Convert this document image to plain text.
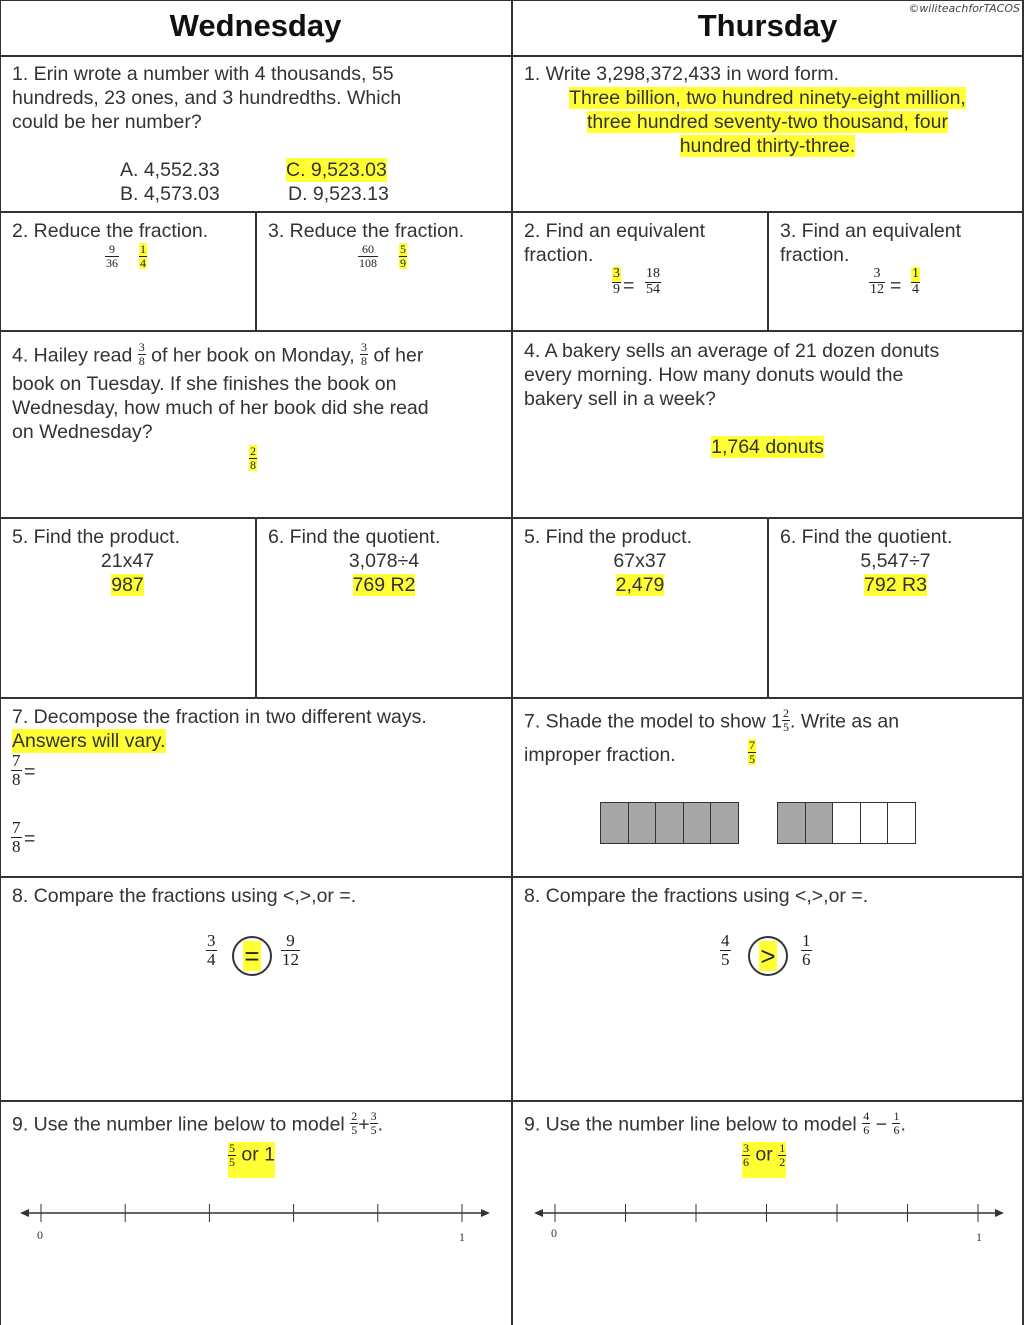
©wiliteachforTACOS
Wednesday	Thursday
1. Erin wrote a number with 4 thousands, 55
hundreds, 23 ones, and 3 hundredths. Which
could be her number?
A. 4,552.33
B. 4,573.03
C. 9,523.03
D. 9,523.13
2. Reduce the fraction.
9
36
1
4
3. Reduce the fraction.
60
108
5
9
4. Hailey read $\frac{3}{8}$ of her book on Monday, $\frac{3}{8}$ of her
book on Tuesday. If she finishes the book on
Wednesday, how much of her book did she read
on Wednesday?
2
8
5. Find the product.
21x47
987
6. Find the quotient.
3,078÷4
769 R2
7. Decompose the fraction in two different ways.
Answers will vary.
7
8 =
7
8 =
8. Compare the fractions using <,>,or =.
3
4 =
9
12
9. Use the number line below to model $\frac{2}{5} + \frac{3}{5}$ .
$\frac{5}{5}$ or 1
0	1
1. Write 3,298,372,433 in word form.
Three billion, two hundred ninety-eight million,
three hundred seventy-two thousand, four
hundred thirty-three.
2. Find an equivalent
fraction.
3
9 =
18
54
3. Find an equivalent
fraction.
3
12 =
1
4
4. A bakery sells an average of 21 dozen donuts
every morning. How many donuts would the
bakery sell in a week?
1,764 donuts
5. Find the product.
67x37
2,479
6. Find the quotient.
5,547÷7
792 R3
7. Shade the model to show $1 \frac{2}{5}$ . Write as an
improper fraction.	7
5
8. Compare the fractions using <,>,or =.
4
5 >
1
6
9. Use the number line below to model $\frac{4}{6} - \frac{1}{6}$ .
$\frac{3}{6}$ or $\frac{1}{2}$
0	1
